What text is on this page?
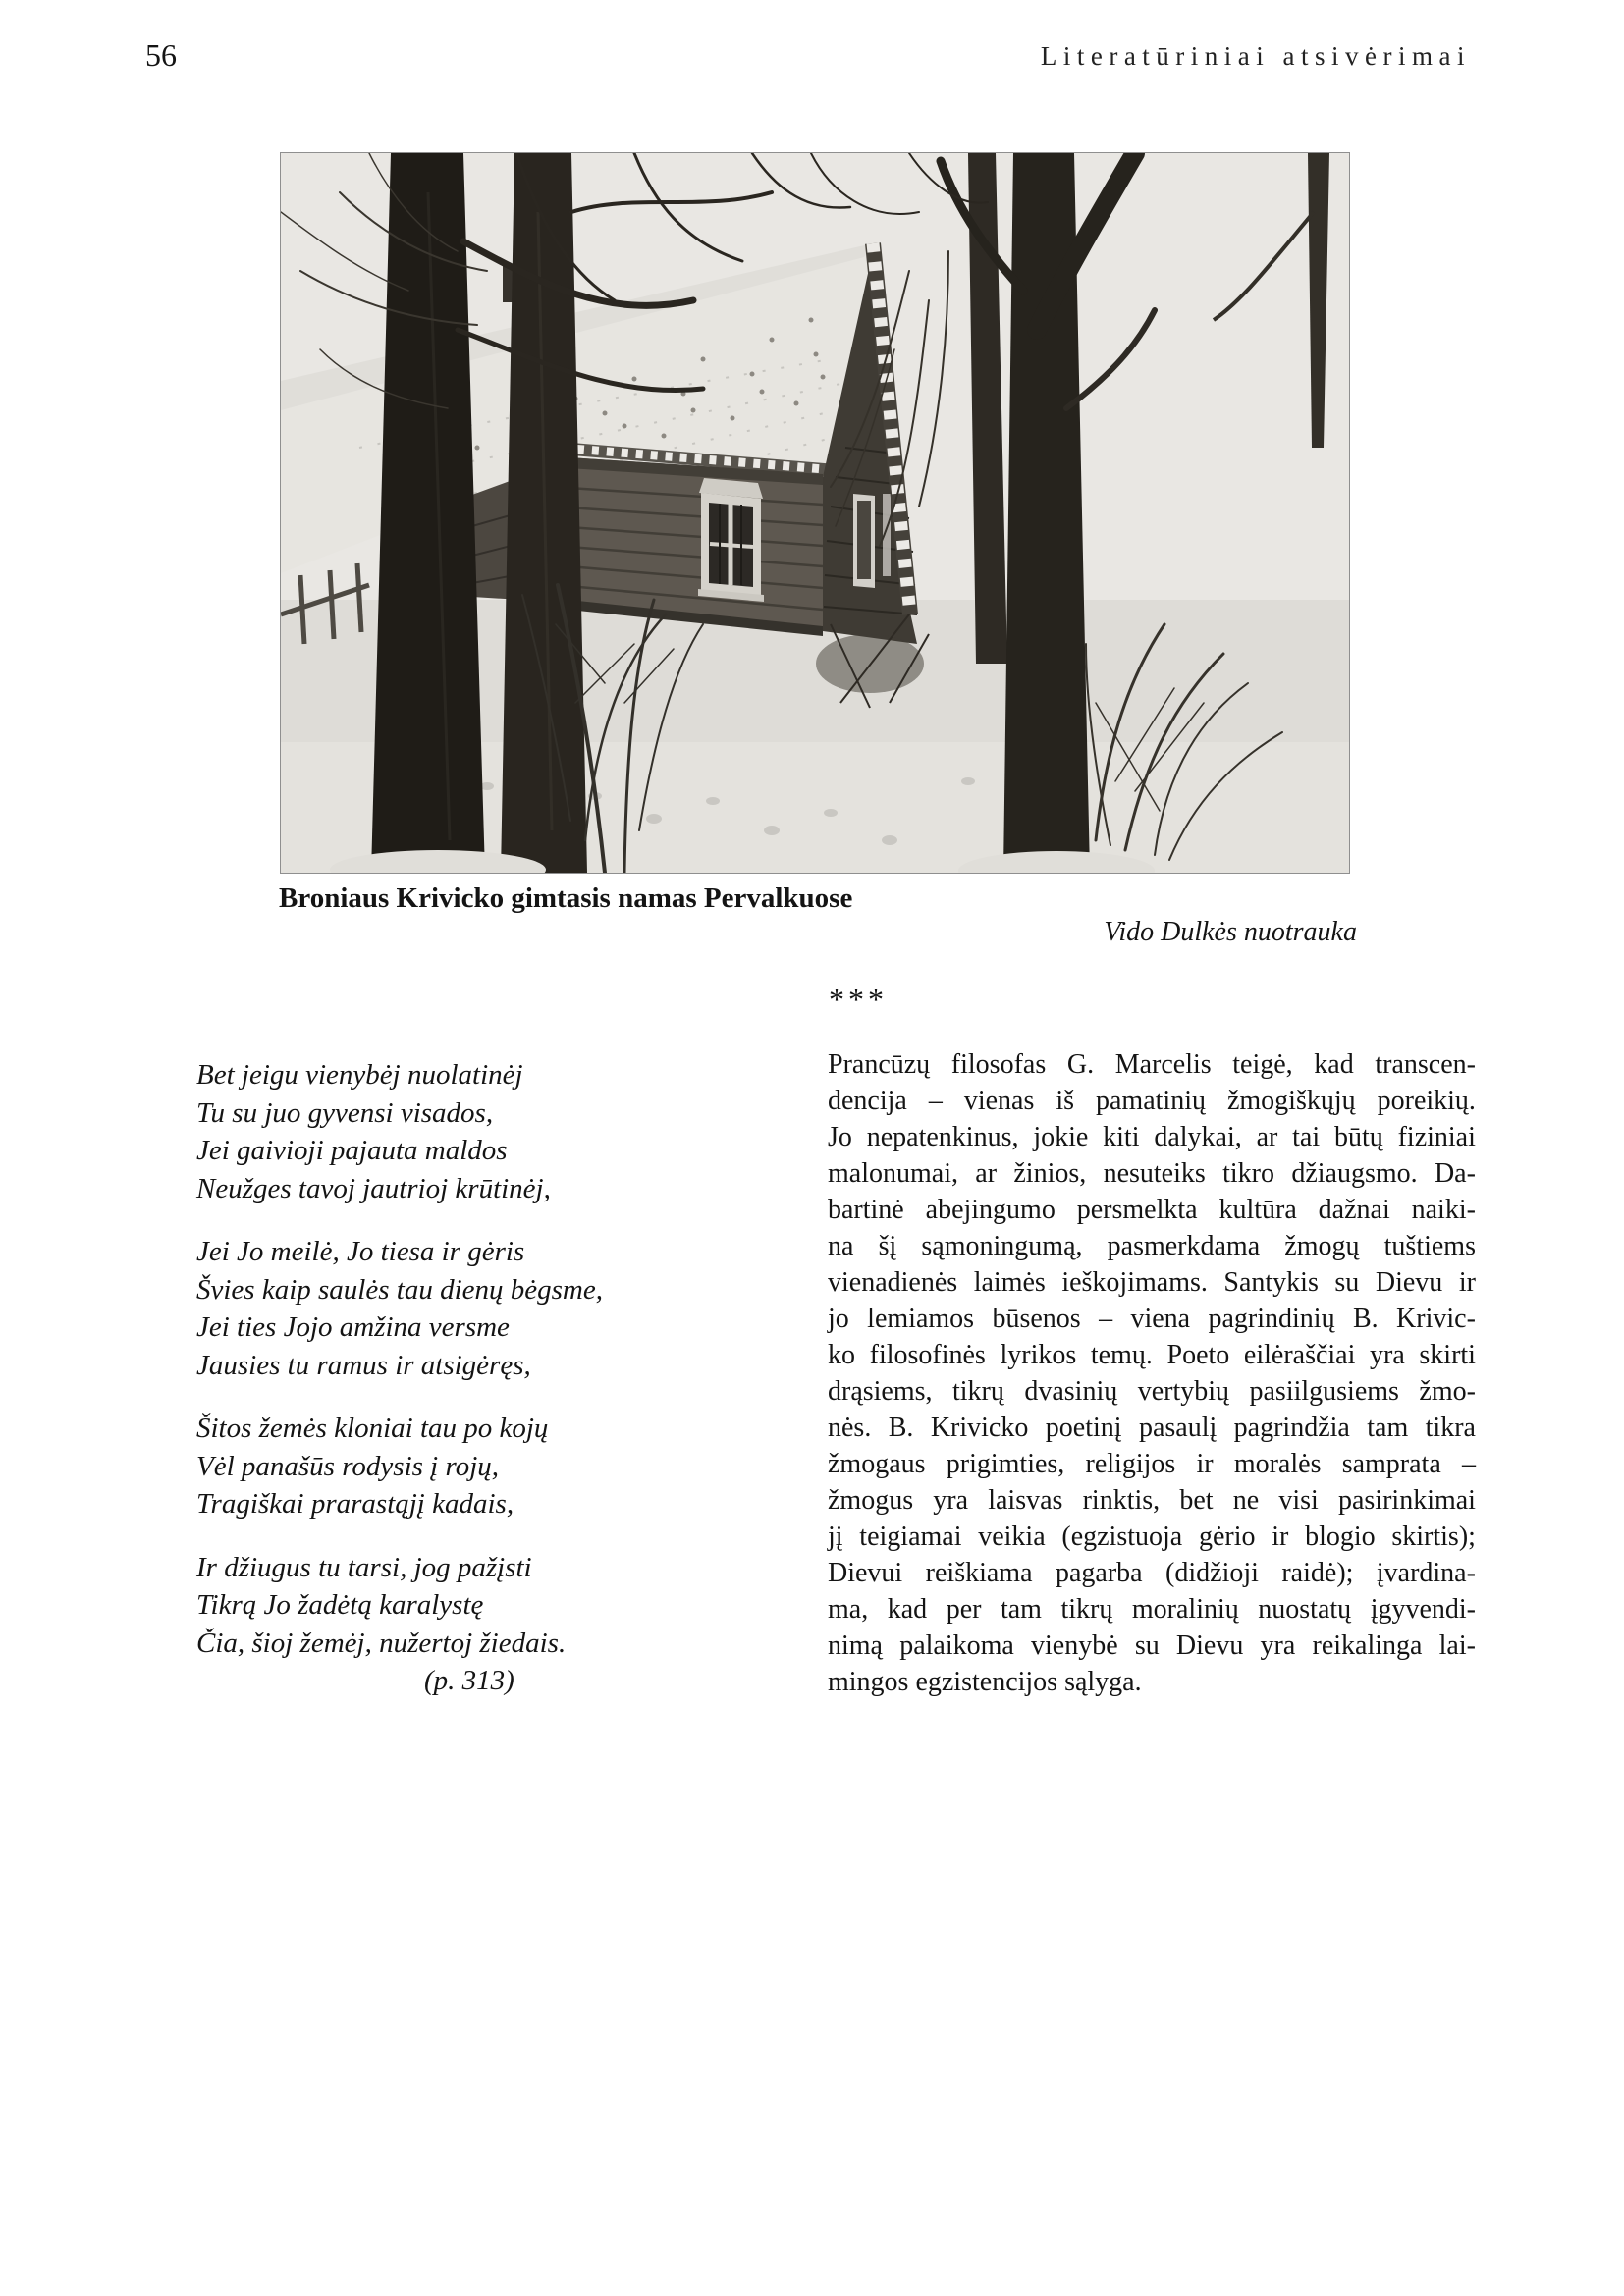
56	Literatūriniai atsivėrimai
Broniaus Krivicko gimtasis namas Pervalkuose
Vido Dulkės nuotrauka
***
Bet jeigu vienybėj nuolatinėj
Tu su juo gyvensi visados,
Jei gaivioji pajauta maldos
Neužges tavoj jautrioj krūtinėj,
Jei Jo meilė, Jo tiesa ir gėris
Švies kaip saulės tau dienų bėgsme,
Jei ties Jojo amžina versme
Jausies tu ramus ir atsigėręs,
Šitos žemės kloniai tau po kojų
Vėl panašūs rodysis į rojų,
Tragiškai prarastąjį kadais,
Ir džiugus tu tarsi, jog pažįsti
Tikrą Jo žadėtą karalystę
Čia, šioj žemėj, nužertoj žiedais.
(p. 313)
Prancūzų filosofas G. Marcelis teigė, kad transcen-
dencija – vienas iš pamatinių žmogiškųjų poreikių.
Jo nepatenkinus, jokie kiti dalykai, ar tai būtų fiziniai
malonumai, ar žinios, nesuteiks tikro džiaugsmo. Da-
bartinė abejingumo persmelkta kultūra dažnai naiki-
na šį sąmoningumą, pasmerkdama žmogų tuštiems
vienadienės laimės ieškojimams. Santykis su Dievu ir
jo lemiamos būsenos – viena pagrindinių B. Krivic-
ko filosofinės lyrikos temų. Poeto eilėraščiai yra skirti
drąsiems, tikrų dvasinių vertybių pasiilgusiems žmo-
nės. B. Krivicko poetinį pasaulį pagrindžia tam tikra
žmogaus prigimties, religijos ir moralės samprata –
žmogus yra laisvas rinktis, bet ne visi pasirinkimai
jį teigiamai veikia (egzistuoja gėrio ir blogio skirtis);
Dievui reiškiama pagarba (didžioji raidė); įvardina-
ma, kad per tam tikrų moralinių nuostatų įgyvendi-
nimą palaikoma vienybė su Dievu yra reikalinga lai-
mingos egzistencijos sąlyga.
